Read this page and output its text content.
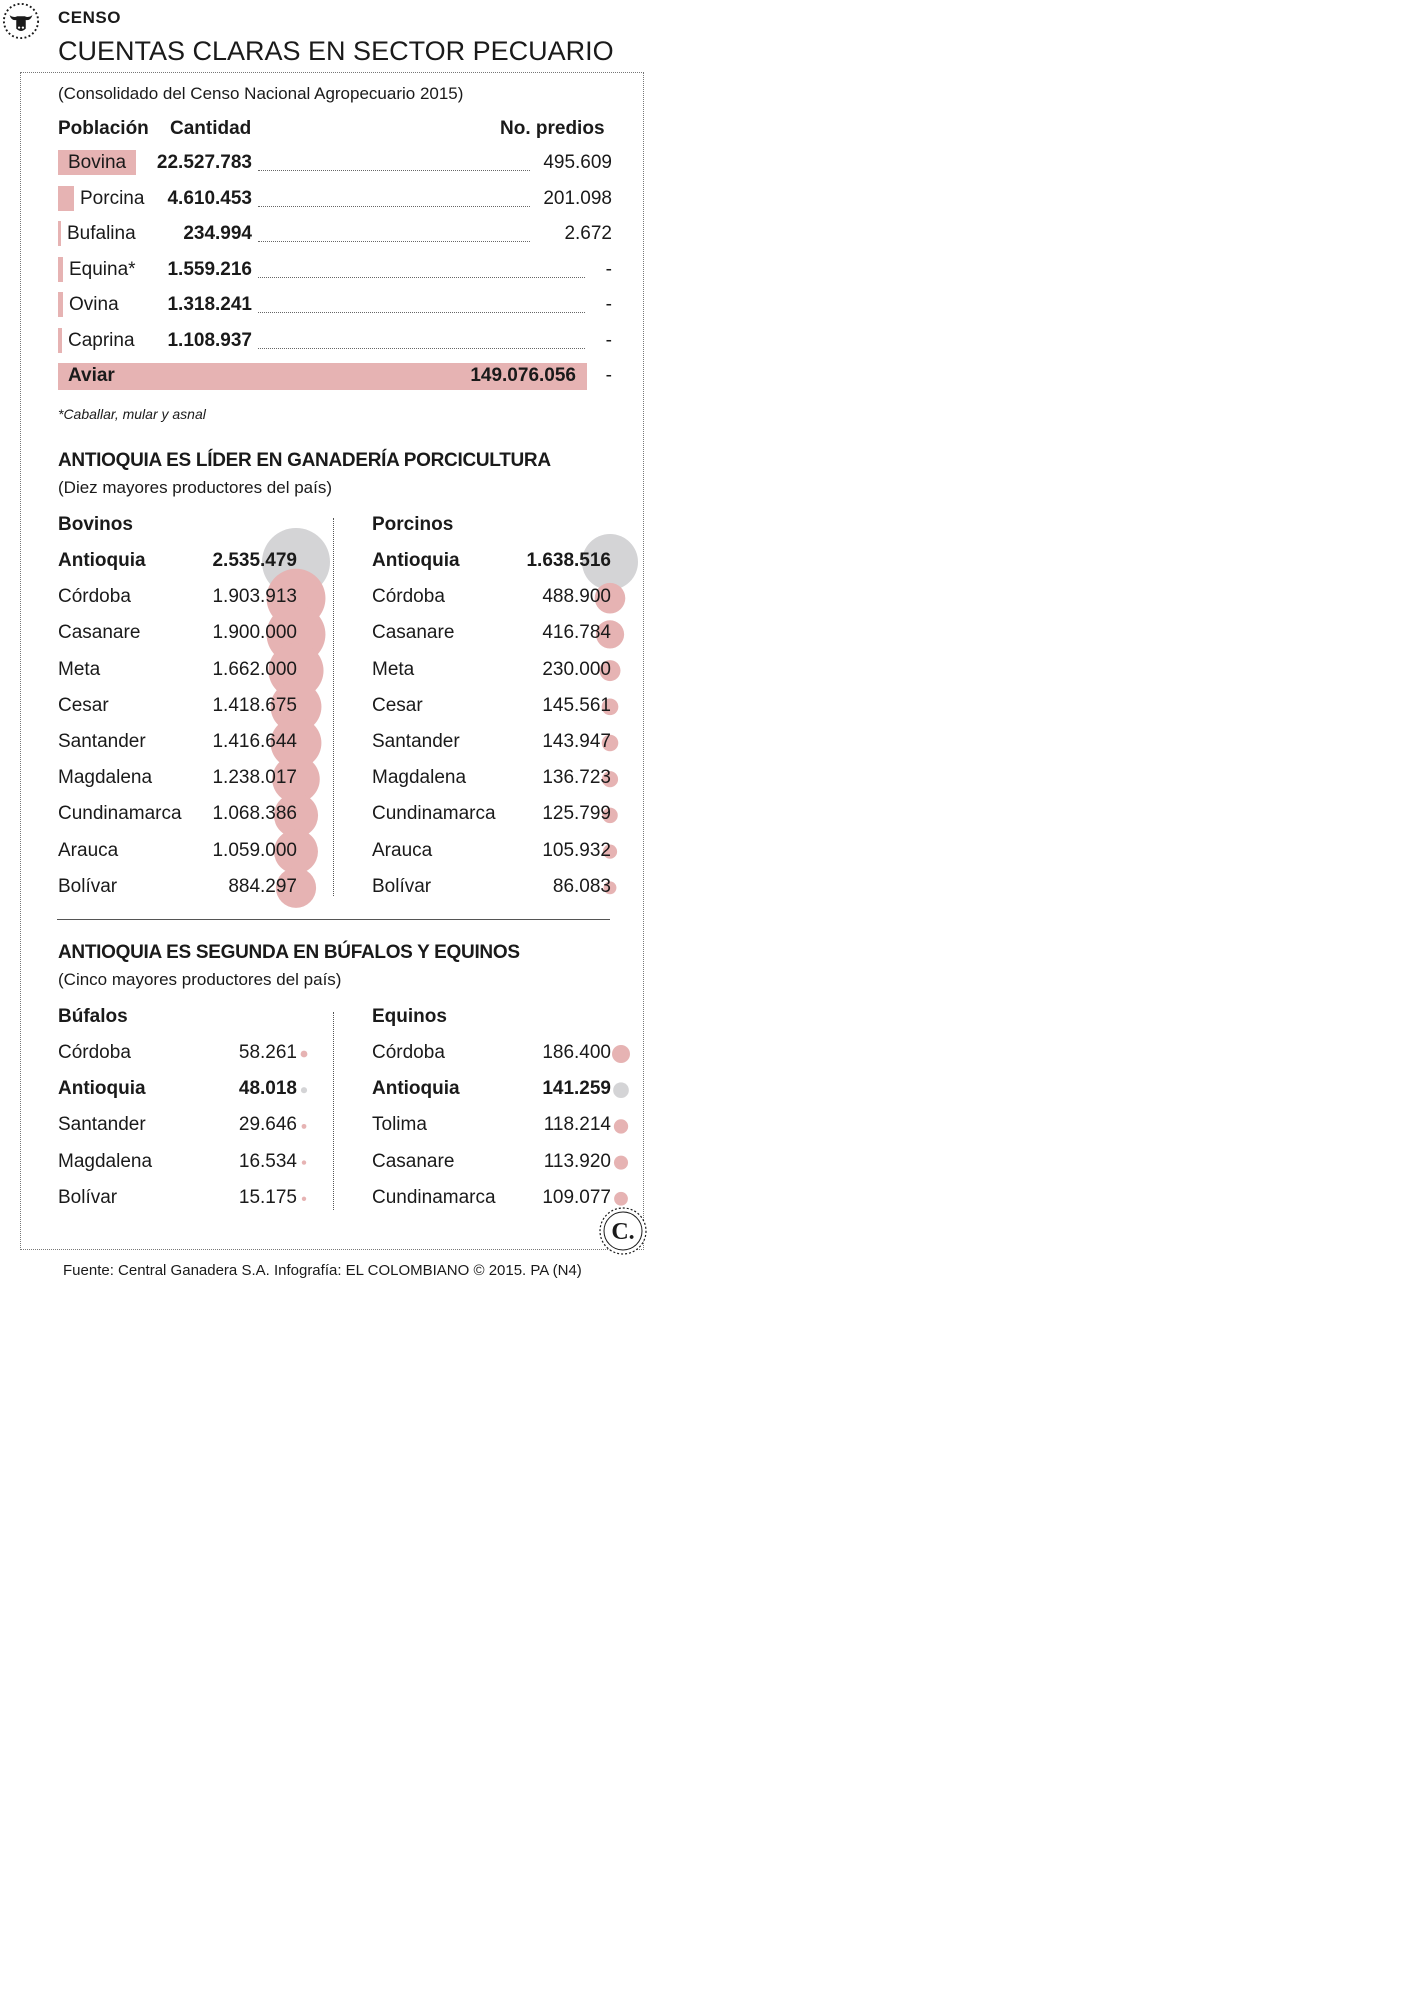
CENSO
CUENTAS CLARAS EN SECTOR PECUARIO
(Consolidado del Censo Nacional Agropecuario 2015)
Población Cantidad	No. predios
*Caballar, mular y asnal
ANTIOQUIA ES LÍDER EN GANADERÍA PORCICULTURA
(Diez mayores productores del país)
ANTIOQUIA ES SEGUNDA EN BÚFALOS Y EQUINOS
(Cinco mayores productores del país)
C.
Fuente: Central Ganadera S.A. Infografía: EL COLOMBIANO © 2015. PA (N4)
Bovina	22.527.783	495.609
Porcina	4.610.453	201.098
Bufalina	234.994	2.672
Equina*	1.559.216	-
Ovina	1.318.241	-
Caprina	1.108.937	-
Aviar	149.076.056	-
Bovinos
Antioquia	2.535.479
Córdoba	1.903.913
Casanare	1.900.000
Meta	1.662.000
Cesar	1.418.675
Santander	1.416.644
Magdalena	1.238.017
Cundinamarca	1.068.386
Arauca	1.059.000
Bolívar	884.297
Porcinos
Antioquia	1.638.516
Córdoba	488.900
Casanare	416.784
Meta	230.000
Cesar	145.561
Santander	143.947
Magdalena	136.723
Cundinamarca	125.799
Arauca	105.932
Bolívar	86.083
Búfalos
Córdoba	58.261
Antioquia	48.018
Santander	29.646
Magdalena	16.534
Bolívar	15.175
Equinos
Córdoba	186.400
Antioquia	141.259
Tolima	118.214
Casanare	113.920
Cundinamarca	109.077
